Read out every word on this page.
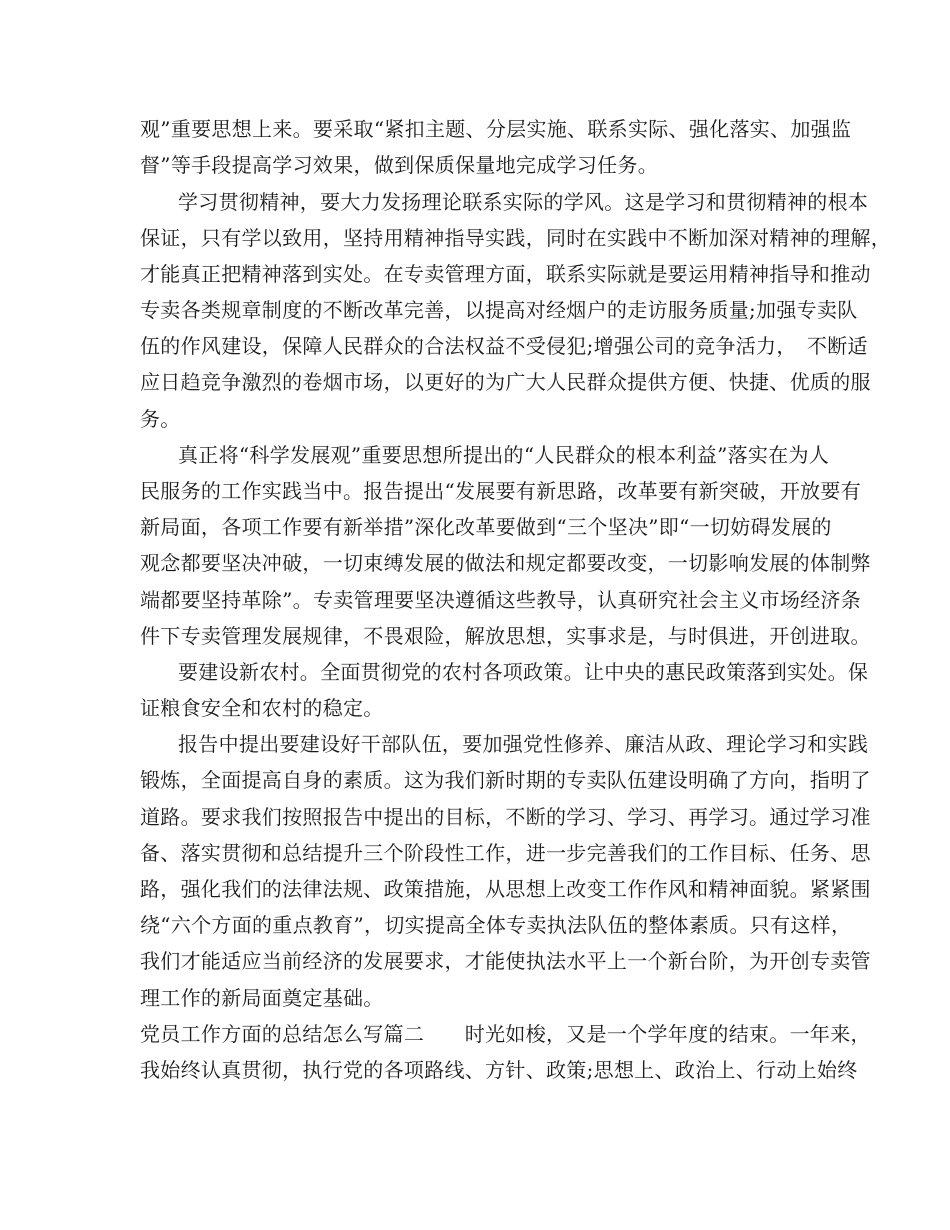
观”重要思想上来。要采取“紧扣主题、分层实施、联系实际、强化落实、加强监
督”等手段提高学习效果，做到保质保量地完成学习任务。
学习贯彻精神，要大力发扬理论联系实际的学风。这是学习和贯彻精神的根本
保证，只有学以致用，坚持用精神指导实践，同时在实践中不断加深对精神的理解，
才能真正把精神落到实处。在专卖管理方面，联系实际就是要运用精神指导和推动
专卖各类规章制度的不断改革完善，以提高对经烟户的走访服务质量;加强专卖队
伍的作风建设，保障人民群众的合法权益不受侵犯;增强公司的竞争活力，　不断适
应日趋竞争激烈的卷烟市场，以更好的为广大人民群众提供方便、快捷、优质的服
务。
真正将“科学发展观”重要思想所提出的“人民群众的根本利益”落实在为人
民服务的工作实践当中。报告提出“发展要有新思路，改革要有新突破，开放要有
新局面，各项工作要有新举措”深化改革要做到“三个坚决”即“一切妨碍发展的
观念都要坚决冲破，一切束缚发展的做法和规定都要改变，一切影响发展的体制弊
端都要坚持革除”。专卖管理要坚决遵循这些教导，认真研究社会主义市场经济条
件下专卖管理发展规律，不畏艰险，解放思想，实事求是，与时俱进，开创进取。
要建设新农村。全面贯彻党的农村各项政策。让中央的惠民政策落到实处。保
证粮食安全和农村的稳定。
报告中提出要建设好干部队伍，要加强党性修养、廉洁从政、理论学习和实践
锻炼，全面提高自身的素质。这为我们新时期的专卖队伍建设明确了方向，指明了
道路。要求我们按照报告中提出的目标，不断的学习、学习、再学习。通过学习准
备、落实贯彻和总结提升三个阶段性工作，进一步完善我们的工作目标、任务、思
路，强化我们的法律法规、政策措施，从思想上改变工作作风和精神面貌。紧紧围
绕“六个方面的重点教育”，切实提高全体专卖执法队伍的整体素质。只有这样，
我们才能适应当前经济的发展要求，才能使执法水平上一个新台阶，为开创专卖管
理工作的新局面奠定基础。
党员工作方面的总结怎么写篇二　　时光如梭，又是一个学年度的结束。一年来，
我始终认真贯彻，执行党的各项路线、方针、政策;思想上、政治上、行动上始终
